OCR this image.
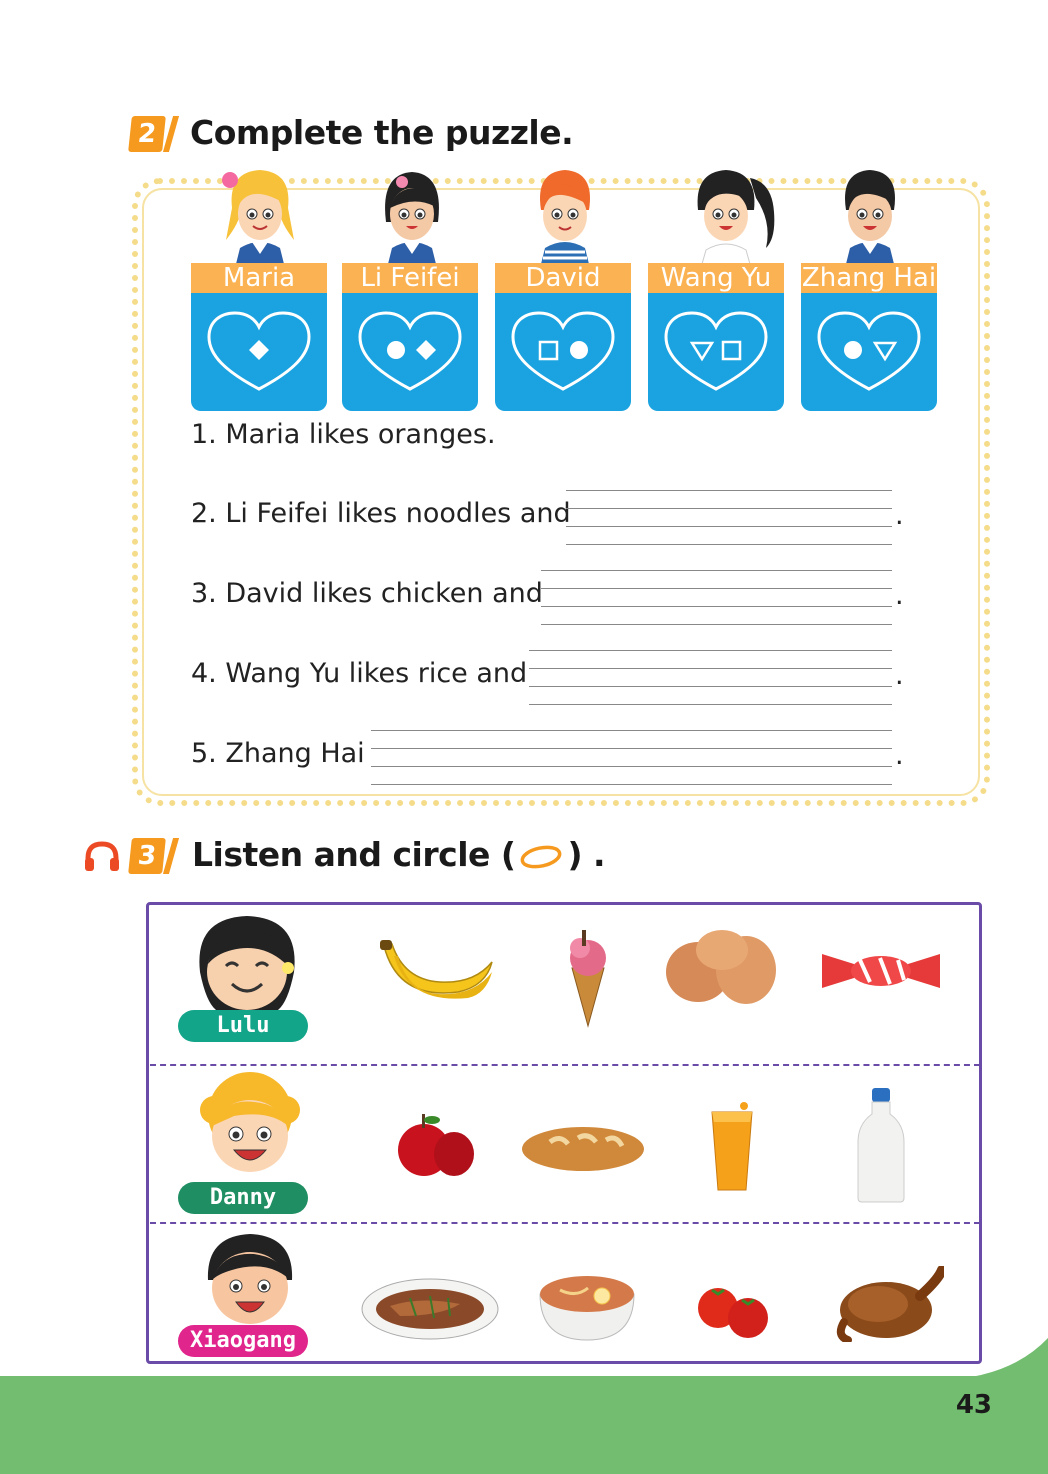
2 Complete the puzzle.
Maria	Li Feifei	David	Wang Yu	Zhang Hai
1. Maria likes oranges.
2. Li Feifei likes noodles and	.
3. David likes chicken and	.
4. Wang Yu likes rice and	.
5. Zhang Hai	.
3 Listen and circle ( ) .
Lulu
Danny
Xiaogang
43
